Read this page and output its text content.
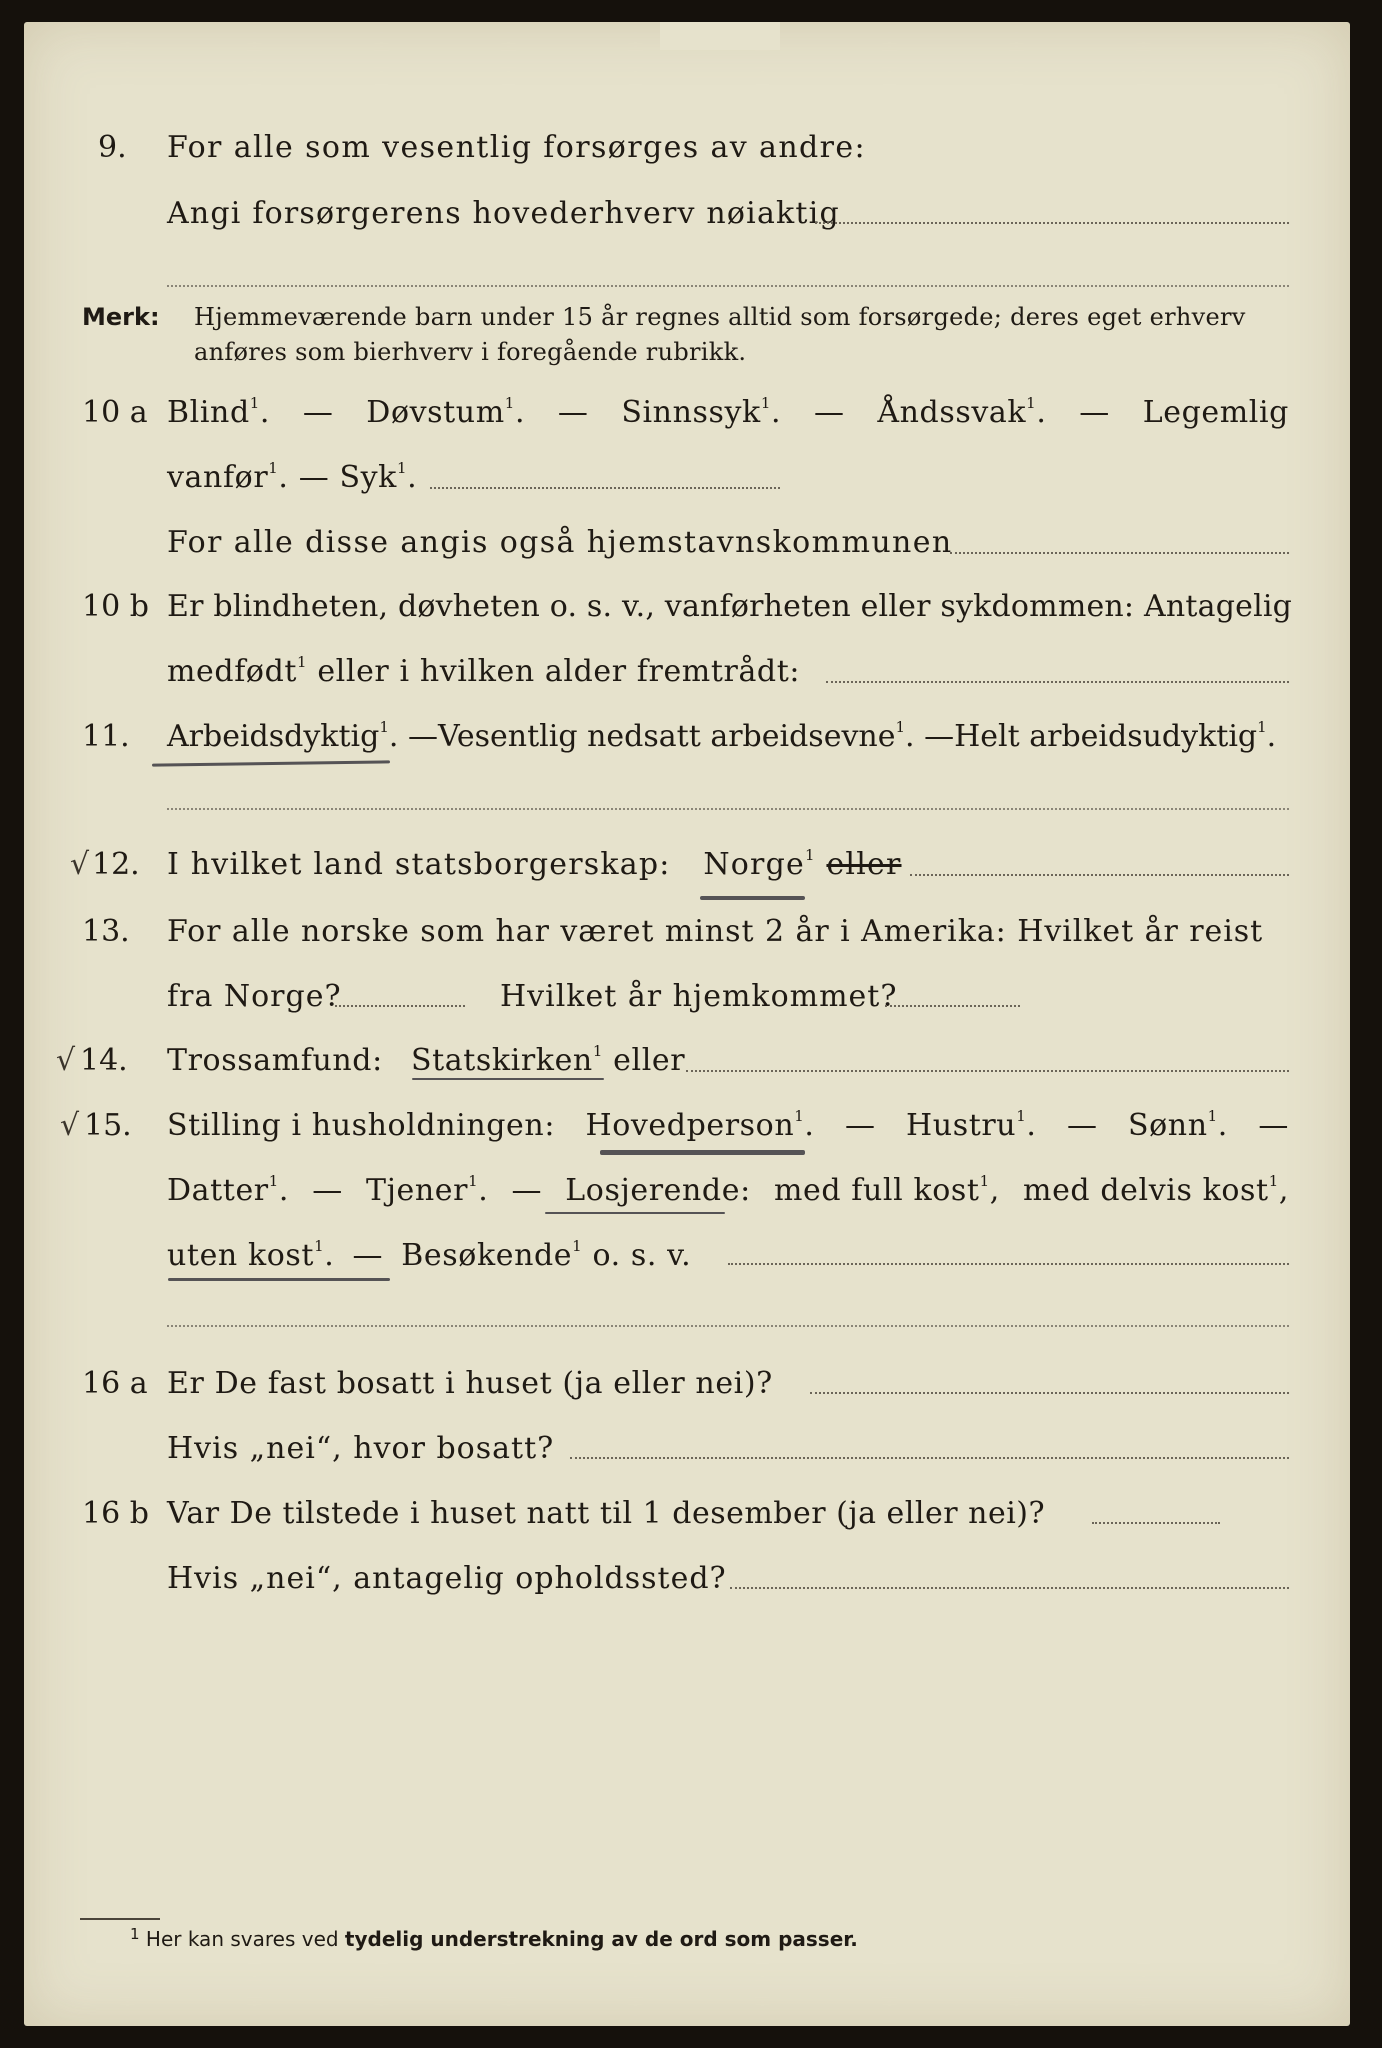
9. For alle som vesentlig forsørges av andre:
Angi forsørgerens hovederhverv nøiaktig
Merk: Hjemmeværende barn under 15 år regnes alltid som forsørgede; deres eget erhverv
anføres som bierhverv i foregående rubrikk.
10 a Blind$^1$. — Døvstum$^1$. — Sinnssyk$^1$. — Åndssvak$^1$. — Legemlig
vanfør$^1$. — Syk$^1$.
For alle disse angis også hjemstavnskommunen
10 b Er blindheten, døvheten o. s. v., vanførheten eller sykdommen: Antagelig
medfødt$^1$ eller i hvilken alder fremtrådt:
11. Arbeidsdyktig$^1$. —Vesentlig nedsatt arbeidsevne$^1$. —Helt arbeidsudyktig$^1$.
√ 12. I hvilket land statsborgerskap: Norge$^1$ eller
13. For alle norske som har været minst 2 år i Amerika: Hvilket år reist
fra Norge?	Hvilket år hjemkommet?
√ 14. Trossamfund: Statskirken$^1$ eller
√ 15. Stilling i husholdningen: Hovedperson$^1$. — Hustru$^1$. — Sønn$^1$. —
Datter$^1$. — Tjener$^1$. — Losjerende: med full kost$^1$, med delvis kost$^1$,
uten kost$^1$. — Besøkende$^1$ o. s. v.
16 a Er De fast bosatt i huset (ja eller nei)?
Hvis „nei“, hvor bosatt?
16 b Var De tilstede i huset natt til 1 desember (ja eller nei)?
Hvis „nei“, antagelig opholdssted?
$^1$ Her kan svares ved tydelig understrekning av de ord som passer.
